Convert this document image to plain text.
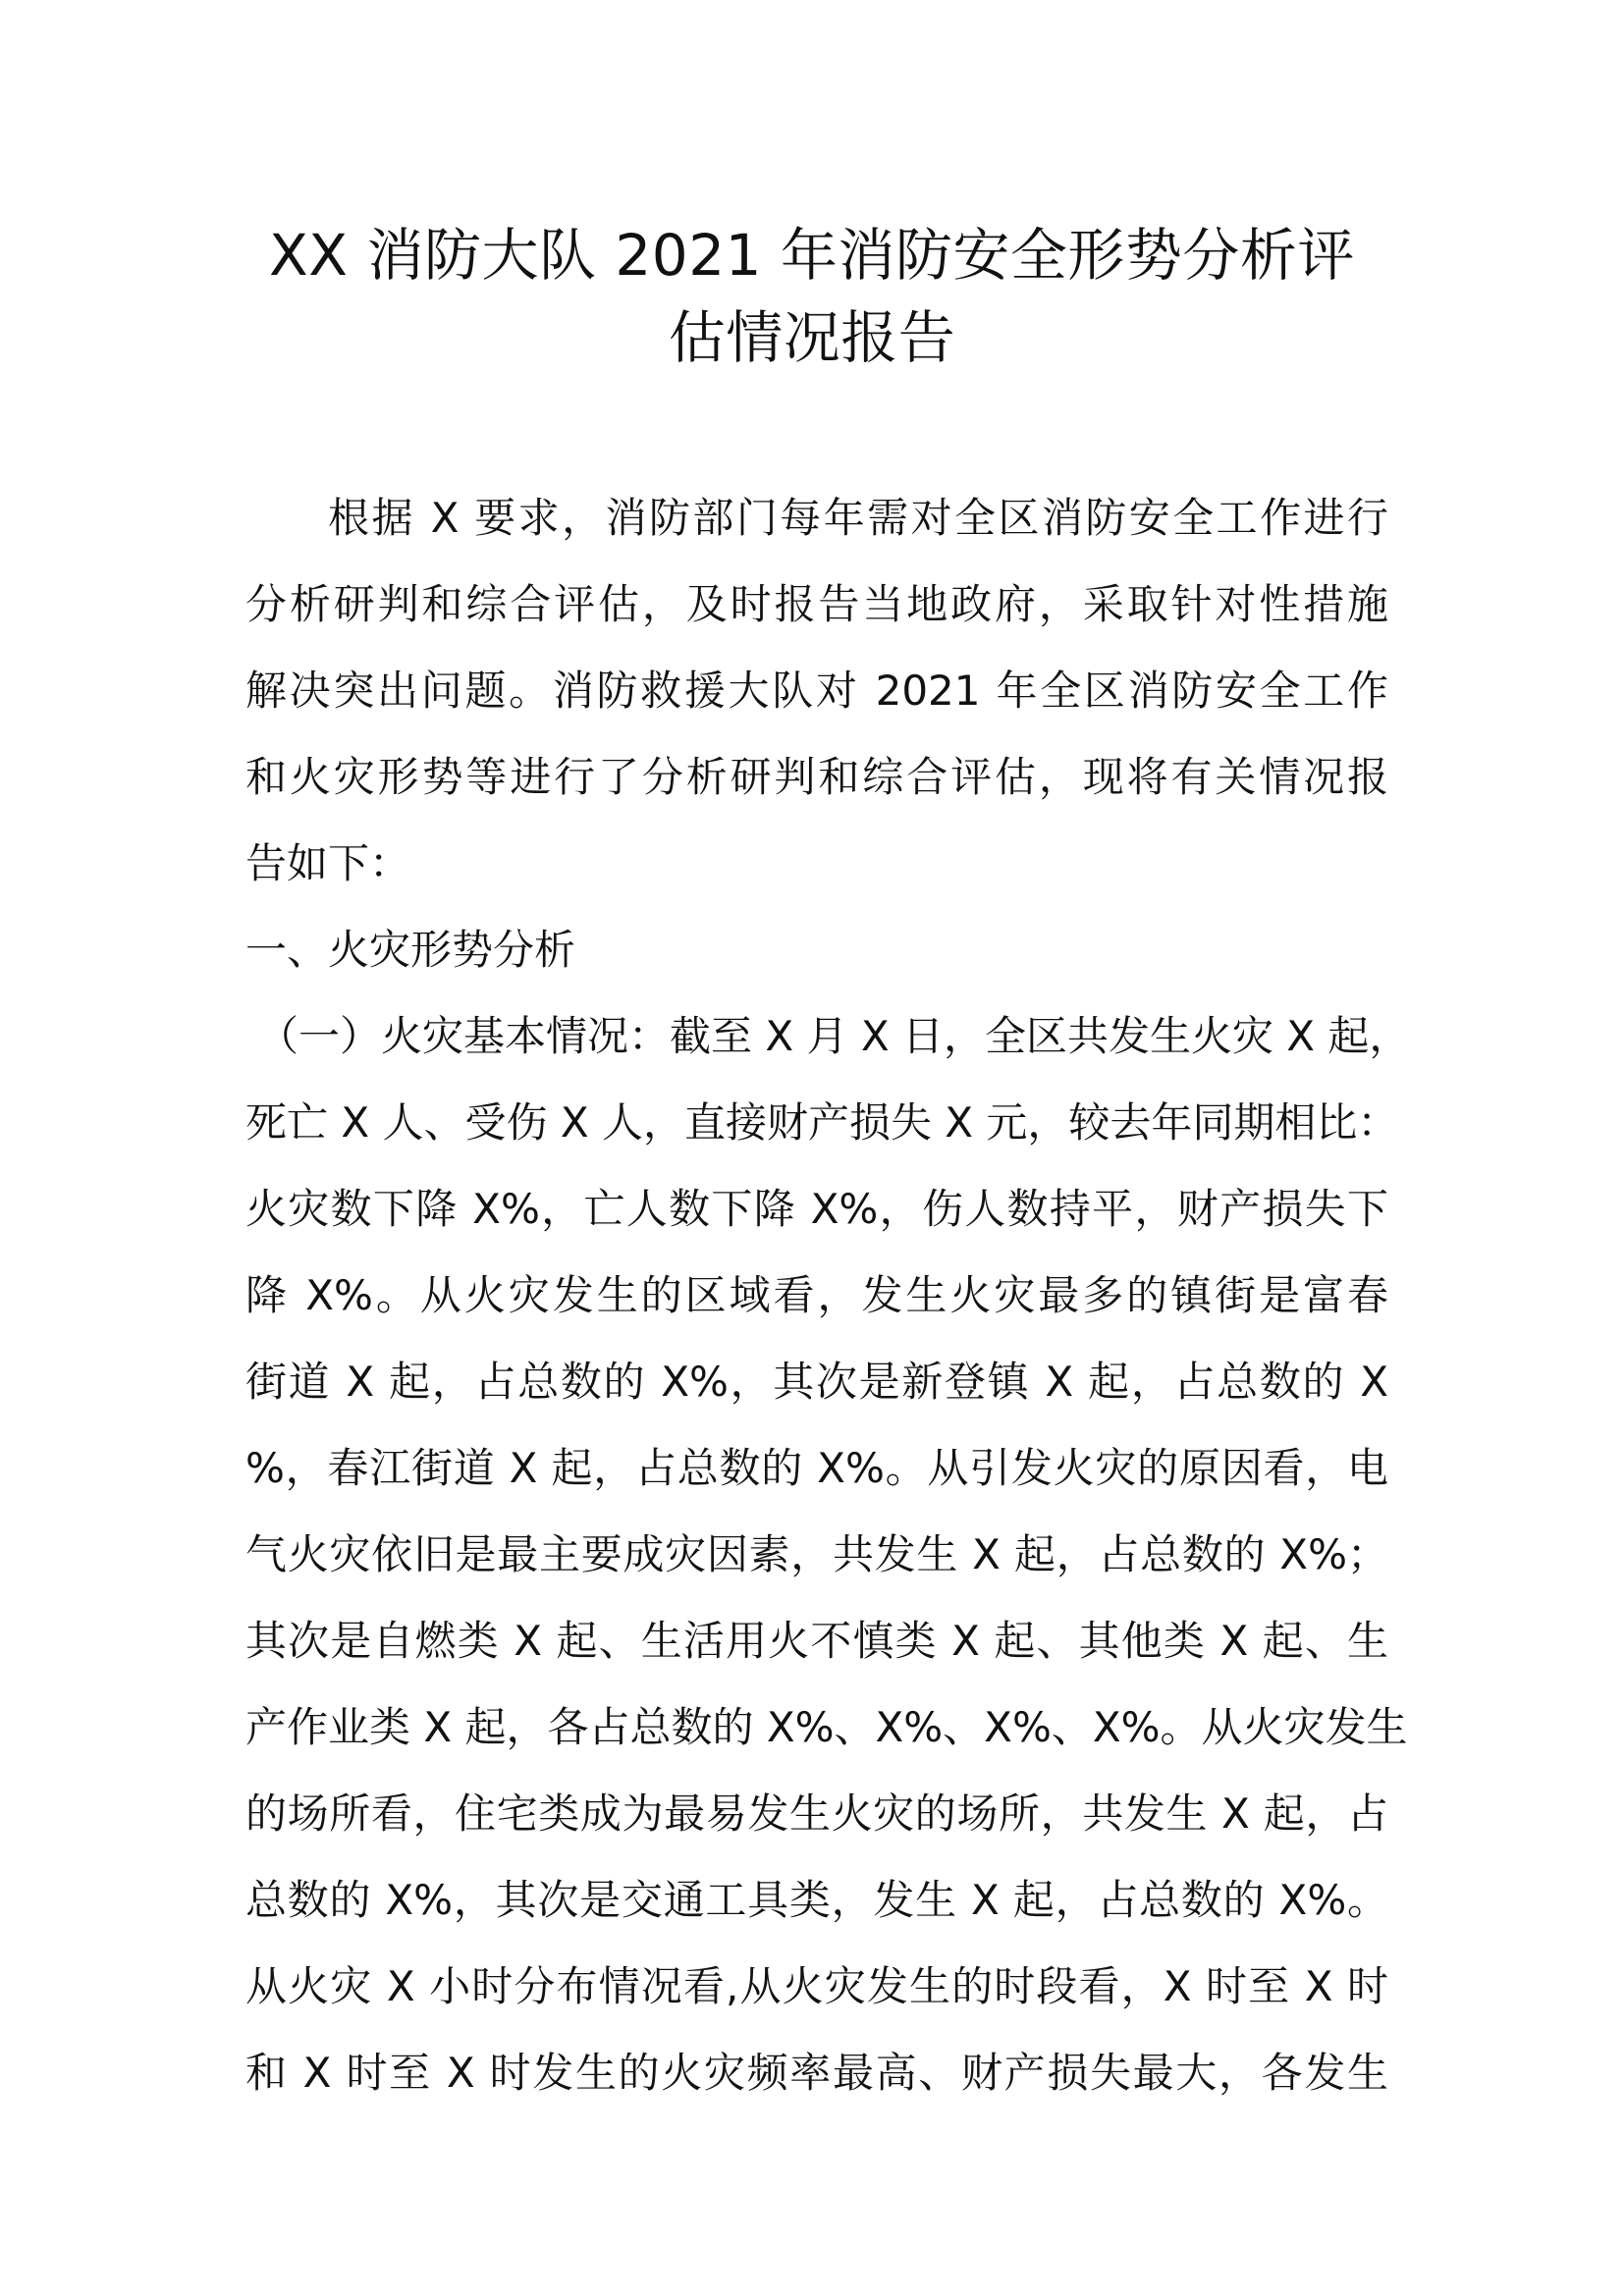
XX 消防大队 2021 年消防安全形势分析评
估情况报告
根据 X 要求，消防部门每年需对全区消防安全工作进行
分析研判和综合评估，及时报告当地政府，采取针对性措施
解决突出问题。消防救援大队对 2021 年全区消防安全工作
和火灾形势等进行了分析研判和综合评估，现将有关情况报
告如下：
一、火灾形势分析
（一）火灾基本情况：截至 X 月 X 日，全区共发生火灾 X 起，
死亡 X 人、受伤 X 人，直接财产损失 X 元，较去年同期相比：
火灾数下降 X%，亡人数下降 X%，伤人数持平，财产损失下
降 X%。从火灾发生的区域看，发生火灾最多的镇街是富春
街道 X 起，占总数的 X%，其次是新登镇 X 起，占总数的 X
%，春江街道 X 起，占总数的 X%。从引发火灾的原因看，电
气火灾依旧是最主要成灾因素，共发生 X 起，占总数的 X%；
其次是自燃类 X 起、生活用火不慎类 X 起、其他类 X 起、生
产作业类 X 起，各占总数的 X%、X%、X%、X%。从火灾发生
的场所看，住宅类成为最易发生火灾的场所，共发生 X 起，占
总数的 X%，其次是交通工具类，发生 X 起，占总数的 X%。
从火灾 X 小时分布情况看,从火灾发生的时段看，X 时至 X 时
和 X 时至 X 时发生的火灾频率最高、财产损失最大，各发生
